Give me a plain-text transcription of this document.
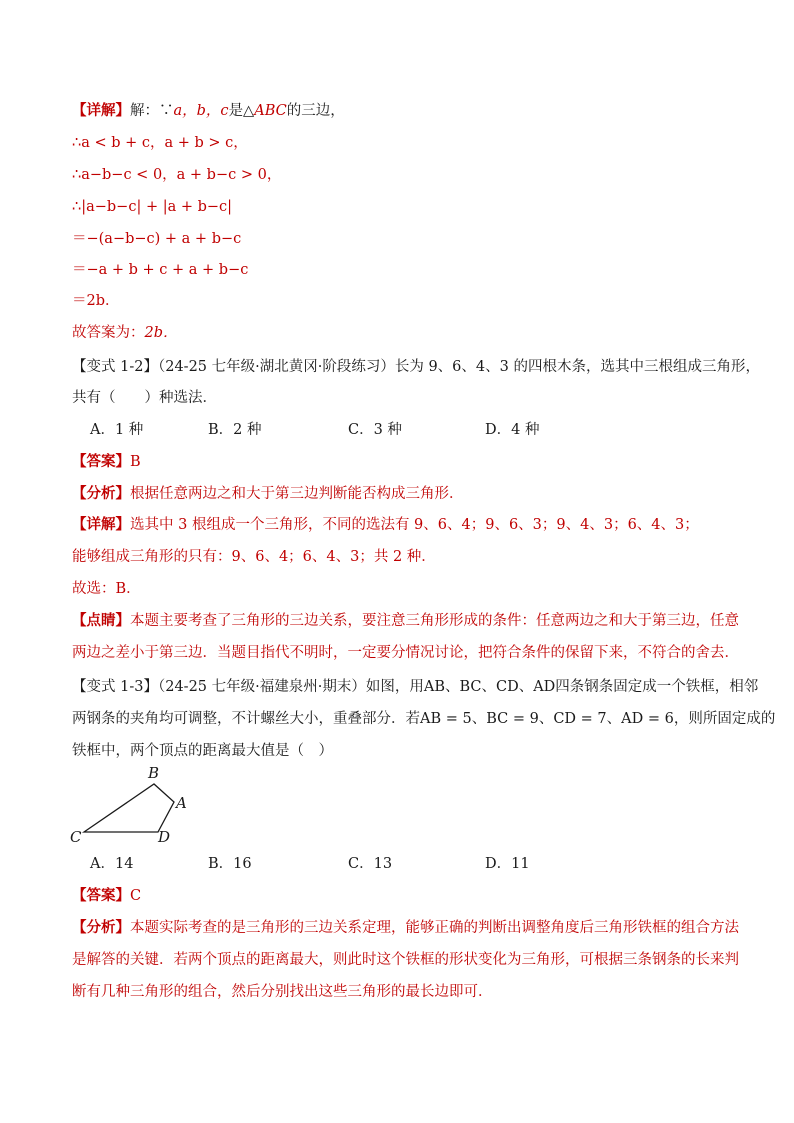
【详解】解：∵a，b，c是△ABC的三边，
∴a < b + c，a + b > c，
∴a−b−c < 0，a + b−c > 0，
∴|a−b−c| + |a + b−c|
＝−(a−b−c) + a + b−c
＝−a + b + c + a + b−c
＝2b．
故答案为：2b．
【变式 1-2】（24-25 七年级·湖北黄冈·阶段练习）长为 9、6、4、3 的四根木条，选其中三根组成三角形，
共有（　　）种选法．
A．1 种	B．2 种	C．3 种	D．4 种
【答案】B
【分析】根据任意两边之和大于第三边判断能否构成三角形．
【详解】选其中 3 根组成一个三角形，不同的选法有 9、6、4；9、6、3；9、4、3；6、4、3；
能够组成三角形的只有：9、6、4；6、4、3；共 2 种．
故选：B．
【点睛】本题主要考查了三角形的三边关系，要注意三角形形成的条件：任意两边之和大于第三边，任意
两边之差小于第三边．当题目指代不明时，一定要分情况讨论，把符合条件的保留下来，不符合的舍去．
【变式 1-3】（24-25 七年级·福建泉州·期末）如图，用AB、BC、CD、AD四条钢条固定成一个铁框，相邻
两钢条的夹角均可调整，不计螺丝大小，重叠部分．若AB = 5、BC = 9、CD = 7、AD = 6，则所固定成的
铁框中，两个顶点的距离最大值是（　）
B
A
C	D
A．14	B．16	C．13	D．11
【答案】C
【分析】本题实际考查的是三角形的三边关系定理，能够正确的判断出调整角度后三角形铁框的组合方法
是解答的关键．若两个顶点的距离最大，则此时这个铁框的形状变化为三角形，可根据三条钢条的长来判
断有几种三角形的组合，然后分别找出这些三角形的最长边即可．
